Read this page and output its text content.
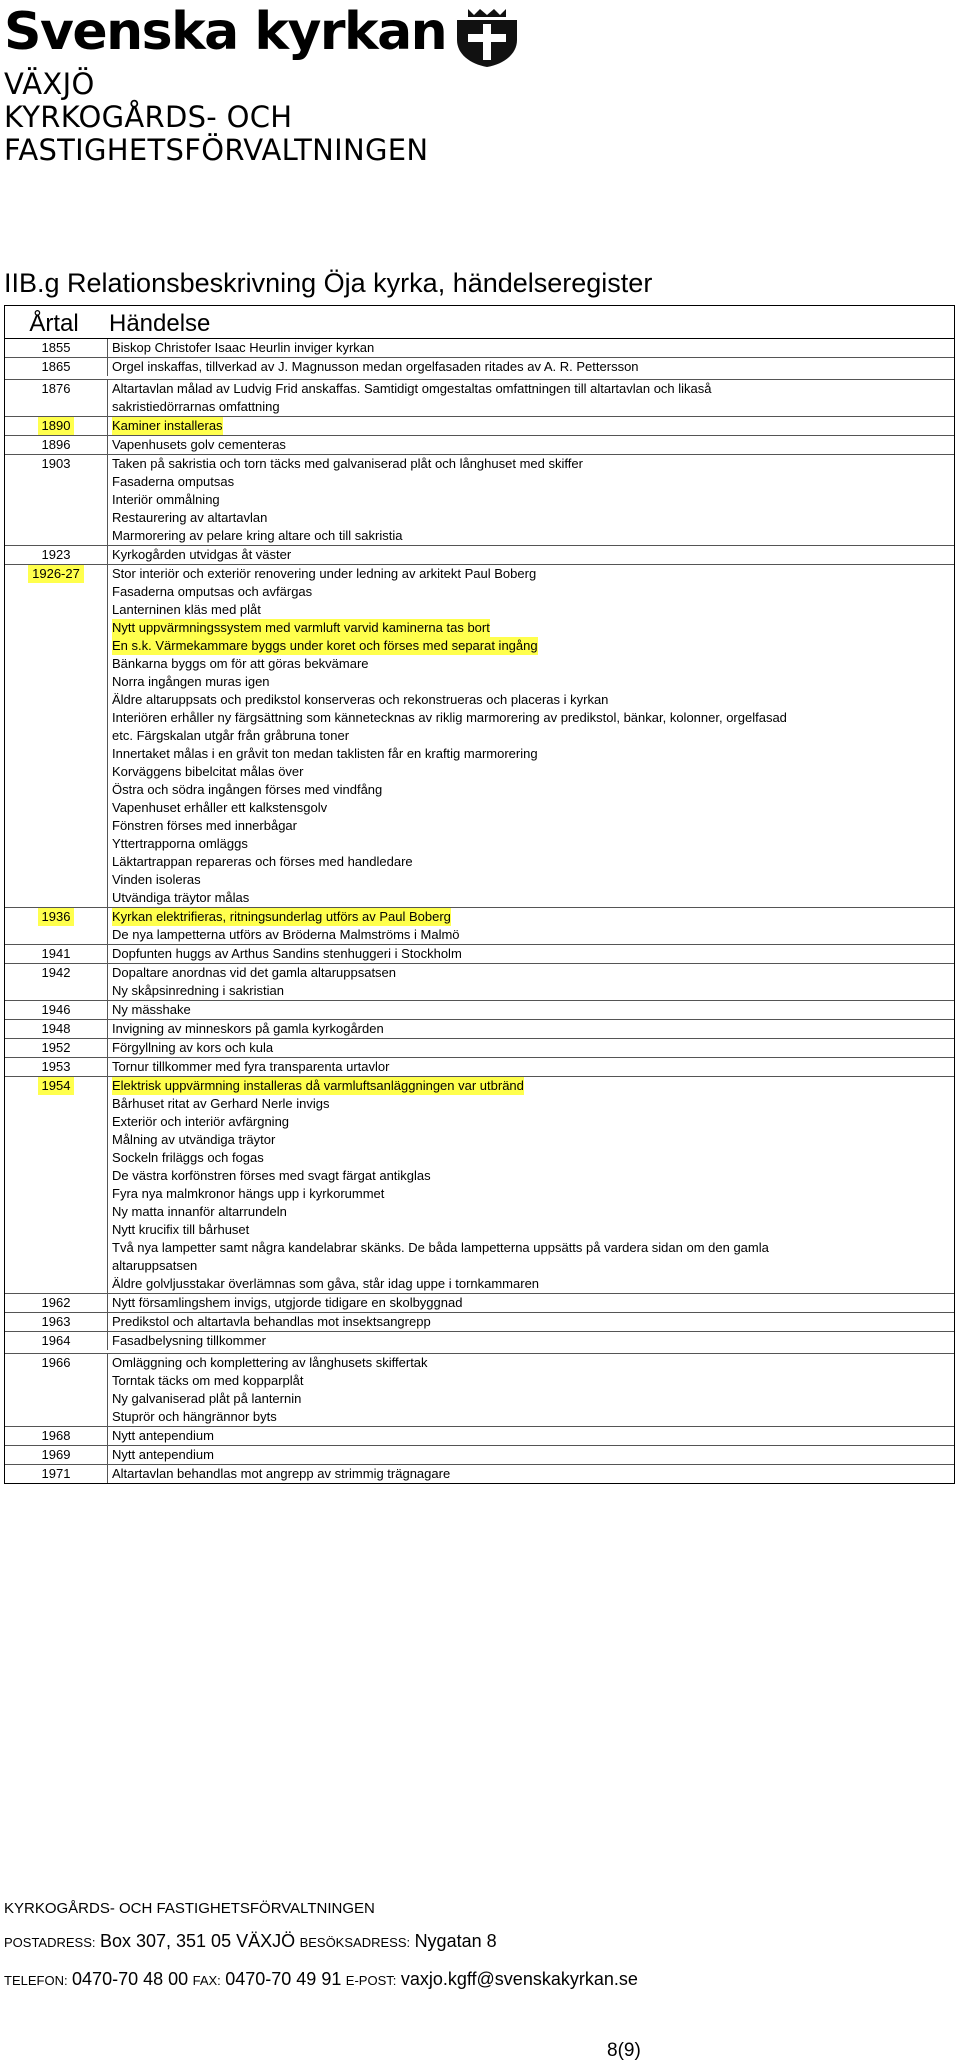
Svenska kyrkan
VÄXJÖ
KYRKOGÅRDS- OCH
FASTIGHETSFÖRVALTNINGEN
IIB.g Relationsbeskrivning Öja kyrka, händelseregister
Årtal	Händelse
1855	Biskop Christofer Isaac Heurlin inviger kyrkan
1865	Orgel inskaffas, tillverkad av J. Magnusson medan orgelfasaden ritades av A. R. Pettersson
1876	Altartavlan målad av Ludvig Frid anskaffas. Samtidigt omgestaltas omfattningen till altartavlan och likaså
sakristiedörrarnas omfattning
1890	Kaminer installeras
1896	Vapenhusets golv cementeras
1903	Taken på sakristia och torn täcks med galvaniserad plåt och långhuset med skiffer
Fasaderna omputsas
Interiör ommålning
Restaurering av altartavlan
Marmorering av pelare kring altare och till sakristia
1923	Kyrkogården utvidgas åt väster
1926-27	Stor interiör och exteriör renovering under ledning av arkitekt Paul Boberg
Fasaderna omputsas och avfärgas
Lanterninen kläs med plåt
Nytt uppvärmningssystem med varmluft varvid kaminerna tas bort
En s.k. Värmekammare byggs under koret och förses med separat ingång
Bänkarna byggs om för att göras bekvämare
Norra ingången muras igen
Äldre altaruppsats och predikstol konserveras och rekonstrueras och placeras i kyrkan
Interiören erhåller ny färgsättning som kännetecknas av riklig marmorering av predikstol, bänkar, kolonner, orgelfasad
etc. Färgskalan utgår från gråbruna toner
Innertaket målas i en gråvit ton medan taklisten får en kraftig marmorering
Korväggens bibelcitat målas över
Östra och södra ingången förses med vindfång
Vapenhuset erhåller ett kalkstensgolv
Fönstren förses med innerbågar
Yttertrapporna omläggs
Läktartrappan repareras och förses med handledare
Vinden isoleras
Utvändiga träytor målas
1936	Kyrkan elektrifieras, ritningsunderlag utförs av Paul Boberg
De nya lampetterna utförs av Bröderna Malmströms i Malmö
1941	Dopfunten huggs av Arthus Sandins stenhuggeri i Stockholm
1942	Dopaltare anordnas vid det gamla altaruppsatsen
Ny skåpsinredning i sakristian
1946	Ny mässhake
1948	Invigning av minneskors på gamla kyrkogården
1952	Förgyllning av kors och kula
1953	Tornur tillkommer med fyra transparenta urtavlor
1954	Elektrisk uppvärmning installeras då varmluftsanläggningen var utbränd
Bårhuset ritat av Gerhard Nerle invigs
Exteriör och interiör avfärgning
Målning av utvändiga träytor
Sockeln friläggs och fogas
De västra korfönstren förses med svagt färgat antikglas
Fyra nya malmkronor hängs upp i kyrkorummet
Ny matta innanför altarrundeln
Nytt krucifix till bårhuset
Två nya lampetter samt några kandelabrar skänks. De båda lampetterna uppsätts på vardera sidan om den gamla
altaruppsatsen
Äldre golvljusstakar överlämnas som gåva, står idag uppe i tornkammaren
1962	Nytt församlingshem invigs, utgjorde tidigare en skolbyggnad
1963	Predikstol och altartavla behandlas mot insektsangrepp
1964	Fasadbelysning tillkommer
1966	Omläggning och komplettering av långhusets skiffertak
Torntak täcks om med kopparplåt
Ny galvaniserad plåt på lanternin
Stuprör och hängrännor byts
1968	Nytt antependium
1969	Nytt antependium
1971	Altartavlan behandlas mot angrepp av strimmig trägnagare
KYRKOGÅRDS- OCH FASTIGHETSFÖRVALTNINGEN
POSTADRESS: Box 307, 351 05 VÄXJÖ BESÖKSADRESS: Nygatan 8
TELEFON: 0470-70 48 00 FAX: 0470-70 49 91 E-POST: vaxjo.kgff@svenskakyrkan.se
8(9)
